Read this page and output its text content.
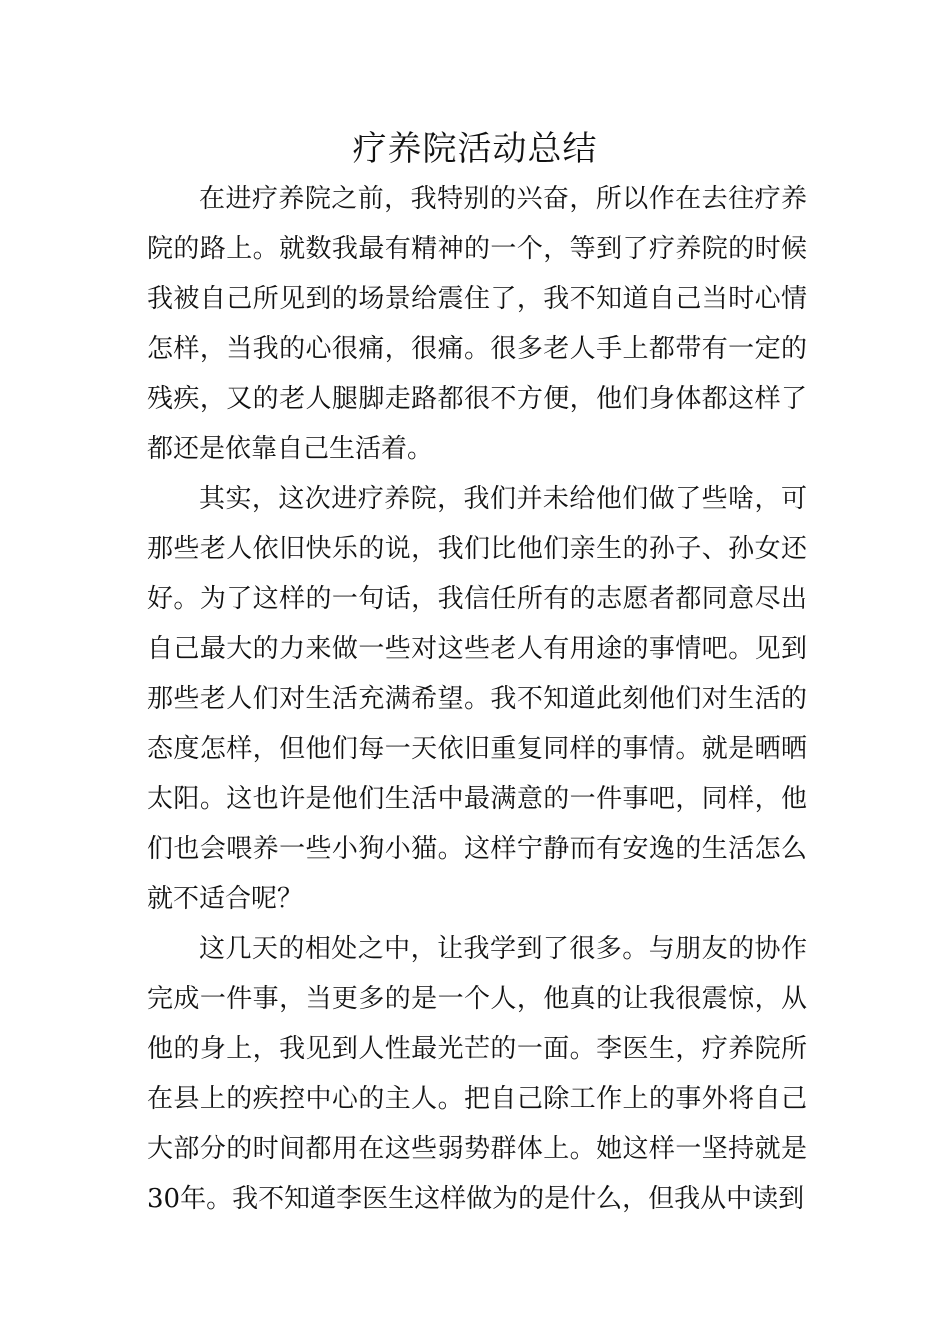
疗养院活动总结

在进疗养院之前，我特别的兴奋，所以作在去往疗养院的路上。就数我最有精神的一个，等到了疗养院的时候我被自己所见到的场景给震住了，我不知道自己当时心情怎样，当我的心很痛，很痛。很多老人手上都带有一定的残疾，又的老人腿脚走路都很不方便，他们身体都这样了都还是依靠自己生活着。

其实，这次进疗养院，我们并未给他们做了些啥，可那些老人依旧快乐的说，我们比他们亲生的孙子、孙女还好。为了这样的一句话，我信任所有的志愿者都同意尽出自己最大的力来做一些对这些老人有用途的事情吧。见到那些老人们对生活充满希望。我不知道此刻他们对生活的态度怎样，但他们每一天依旧重复同样的事情。就是晒晒太阳。这也许是他们生活中最满意的一件事吧，同样，他们也会喂养一些小狗小猫。这样宁静而有安逸的生活怎么就不适合呢？

这几天的相处之中，让我学到了很多。与朋友的协作完成一件事，当更多的是一个人，他真的让我很震惊，从他的身上，我见到人性最光芒的一面。李医生，疗养院所在县上的疾控中心的主人。把自己除工作上的事外将自己大部分的时间都用在这些弱势群体上。她这样一坚持就是30年。我不知道李医生这样做为的是什么，但我从中读到
